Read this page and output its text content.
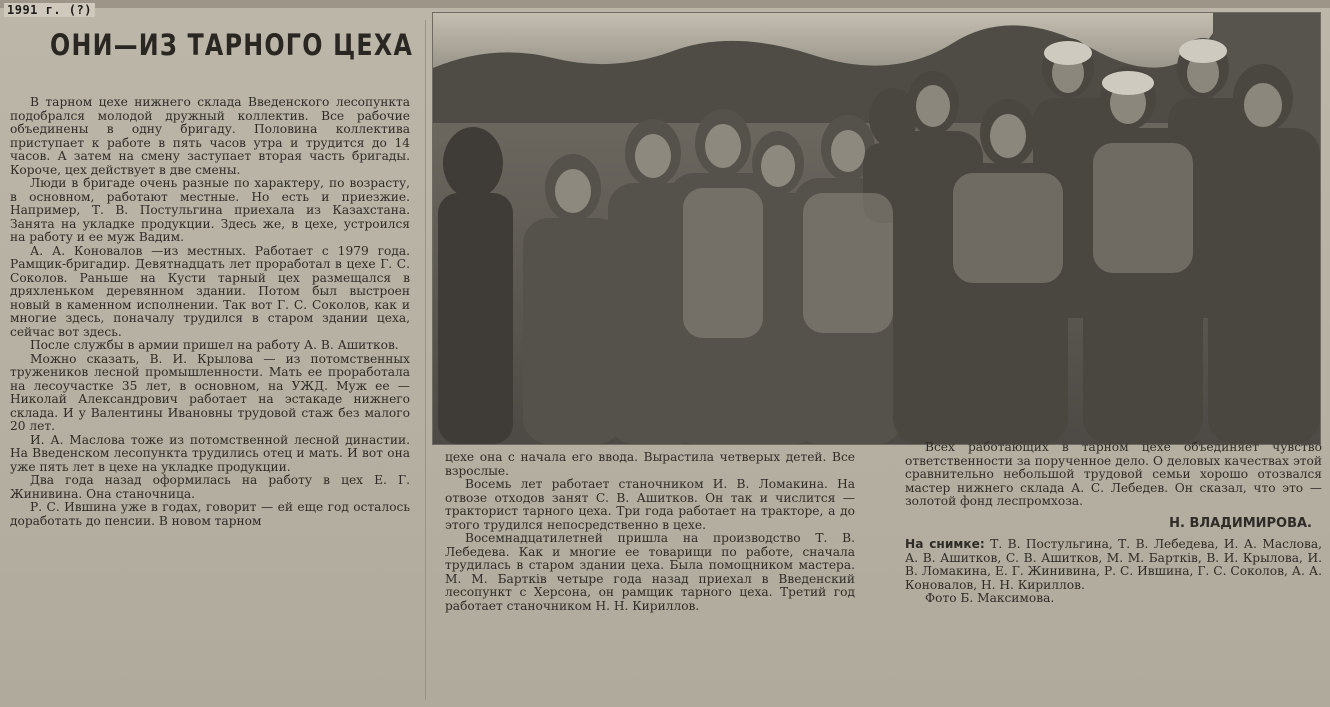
1991 г. (?)
ОНИ—ИЗ ТАРНОГО ЦЕХА

В тарном цехе нижнего склада Введенского лесопункта подобрался молодой дружный коллектив. Все рабочие объединены в одну бригаду. Половина коллектива приступает к работе в пять часов утра и трудится до 14 часов. А затем на смену заступает вторая часть бригады. Короче, цех действует в две смены.

Люди в бригаде очень разные по характеру, по возрасту, в основном, работают местные. Но есть и приезжие. Например, Т. В. Постульгина приехала из Казахстана. Занята на укладке продукции. Здесь же, в цехе, устроился на работу и ее муж Вадим.

А. А. Коновалов —из местных. Работает с 1979 года. Рамщик-бригадир. Девятнадцать лет проработал в цехе Г. С. Соколов. Раньше на Кусти тарный цех размещался в дряхленьком деревянном здании. Потом был выстроен новый в каменном исполнении. Так вот Г. С. Соколов, как и многие здесь, поначалу трудился в старом здании цеха, сейчас вот здесь.

После службы в армии пришел на работу А. В. Ашитков.

Можно сказать, В. И. Крылова — из потомственных тружеников лесной промышленности. Мать ее проработала на лесоучастке 35 лет, в основном, на УЖД. Муж ее — Николай Александрович работает на эстакаде нижнего склада. И у Валентины Ивановны трудовой стаж без малого 20 лет.

И. А. Маслова тоже из потомственной лесной династии. На Введенском лесопункта трудились отец и мать. И вот она уже пять лет в цехе на укладке продукции.

Два года назад оформилась на работу в цех Е. Г. Жинивина. Она станочница.

Р. С. Ившина уже в годах, говорит — ей еще год осталось доработать до пенсии. В новом тарном

цехе она с начала его ввода. Вырастила четверых детей. Все взрослые.

Восемь лет работает станочником И. В. Ломакина. На отвозе отходов занят С. В. Ашитков. Он так и числится — тракторист тарного цеха. Три года работает на тракторе, а до этого трудился непосредственно в цехе.

Восемнадцатилетней пришла на производство Т. В. Лебедева. Как и многие ее товарищи по работе, сначала трудилась в старом здании цеха. Была помощником мастера. М. М. Бартків четыре года назад приехал в Введенский лесопункт с Херсона, он рамщик тарного цеха. Третий год работает станочником Н. Н. Кириллов.

Всех работающих в тарном цехе объединяет чувство ответственности за порученное дело. О деловых качествах этой сравнительно небольшой трудовой семьи хорошо отозвался мастер нижнего склада А. С. Лебедев. Он сказал, что это — золотой фонд леспромхоза.

Н. ВЛАДИМИРОВА.

На снимке: Т. В. Постульгина, Т. В. Лебедева, И. А. Маслова, А. В. Ашитков, С. В. Ашитков, М. М. Бартків, В. И. Крылова, И. В. Ломакина, Е. Г. Жинивина, Р. С. Ившина, Г. С. Соколов, А. А. Коновалов, Н. Н. Кириллов.

Фото Б. Максимова.
